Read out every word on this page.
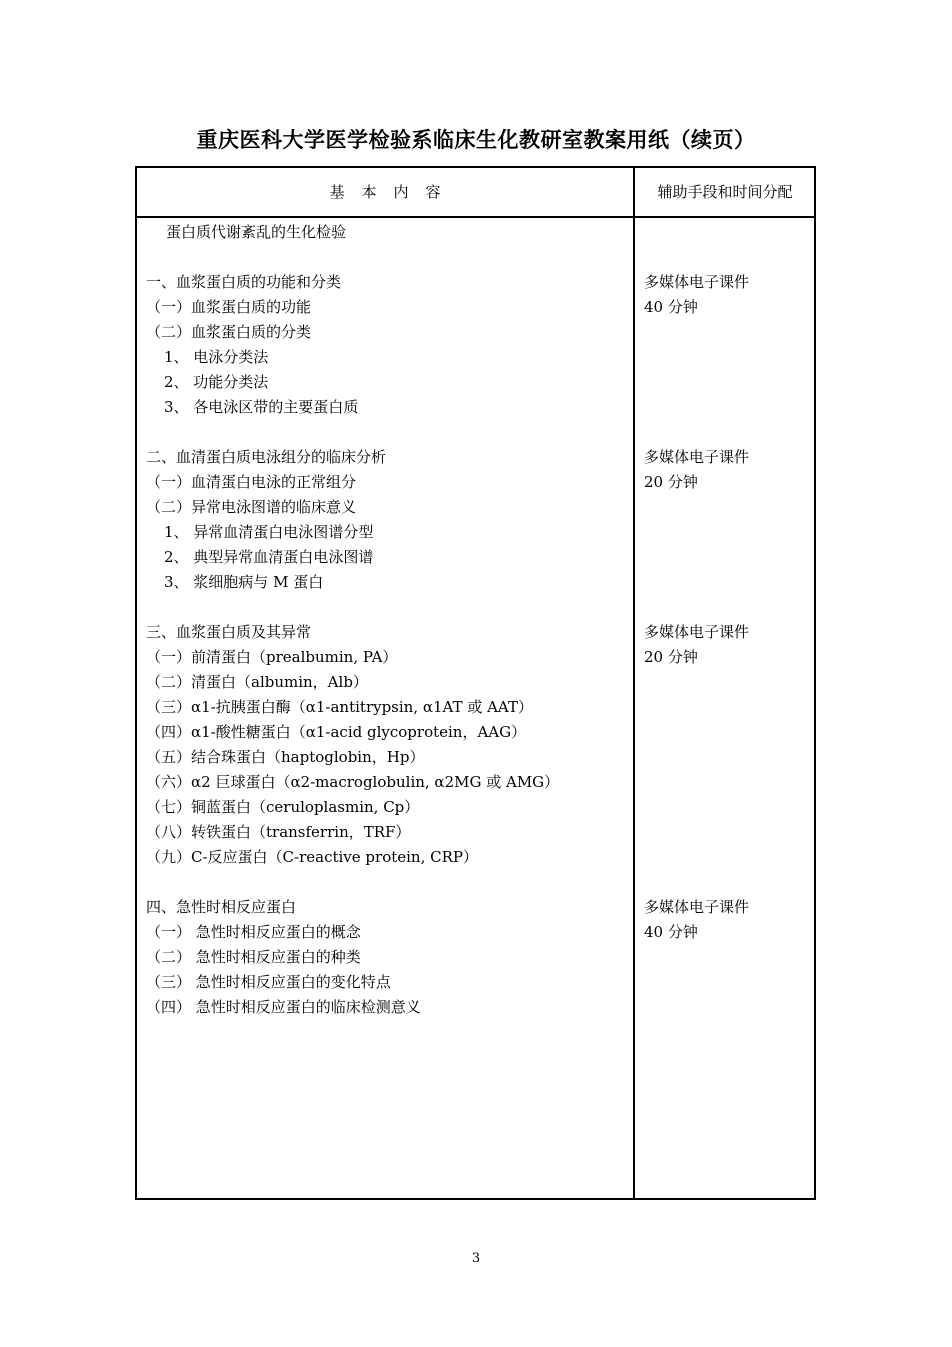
重庆医科大学医学检验系临床生化教研室教案用纸（续页）
基本内容	辅助手段和时间分配
蛋白质代谢紊乱的生化检验
一、血浆蛋白质的功能和分类
（一）血浆蛋白质的功能
（二）血浆蛋白质的分类
1、 电泳分类法
2、 功能分类法
3、 各电泳区带的主要蛋白质
二、血清蛋白质电泳组分的临床分析
（一）血清蛋白电泳的正常组分
（二）异常电泳图谱的临床意义
1、 异常血清蛋白电泳图谱分型
2、 典型异常血清蛋白电泳图谱
3、 浆细胞病与 M 蛋白
三、血浆蛋白质及其异常
（一）前清蛋白（prealbumin, PA）
（二）清蛋白（albumin，Alb）
（三）α1-抗胰蛋白酶（α1-antitrypsin, α1AT 或 AAT）
（四）α1-酸性糖蛋白（α1-acid glycoprotein，AAG）
（五）结合珠蛋白（haptoglobin，Hp）
（六）α2 巨球蛋白（α2-macroglobulin, α2MG 或 AMG）
（七）铜蓝蛋白（ceruloplasmin, Cp）
（八）转铁蛋白（transferrin，TRF）
（九）C-反应蛋白（C-reactive protein, CRP）
四、急性时相反应蛋白
（一） 急性时相反应蛋白的概念
（二） 急性时相反应蛋白的种类
（三） 急性时相反应蛋白的变化特点
（四） 急性时相反应蛋白的临床检测意义
多媒体电子课件
40 分钟
多媒体电子课件
20 分钟
多媒体电子课件
20 分钟
多媒体电子课件
40 分钟
3
